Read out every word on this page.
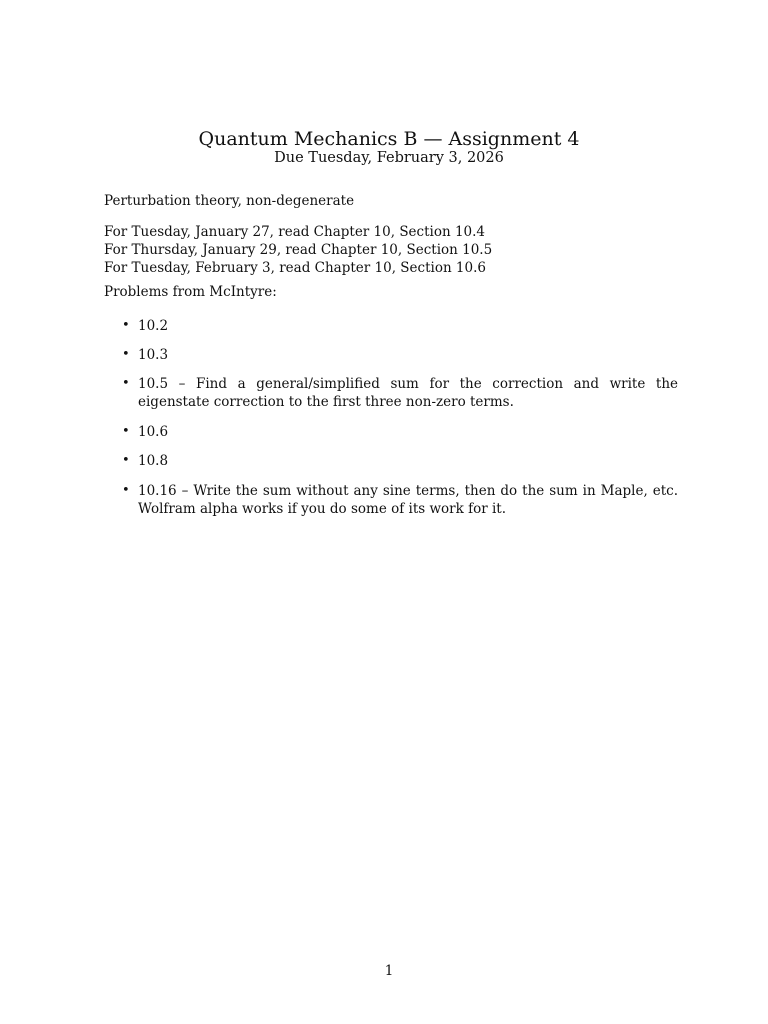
Quantum Mechanics B — Assignment 4
Due Tuesday, February 3, 2026
Perturbation theory, non-degenerate
For Tuesday, January 27, read Chapter 10, Section 10.4
For Thursday, January 29, read Chapter 10, Section 10.5
For Tuesday, February 3, read Chapter 10, Section 10.6
Problems from McIntyre:
• 10.2
• 10.3
• 10.5 – Find a general/simplified sum for the correction and write the eigenstate correction to the first three non-zero terms.
• 10.6
• 10.8
• 10.16 – Write the sum without any sine terms, then do the sum in Maple, etc. Wolfram alpha works if you do some of its work for it.
1
